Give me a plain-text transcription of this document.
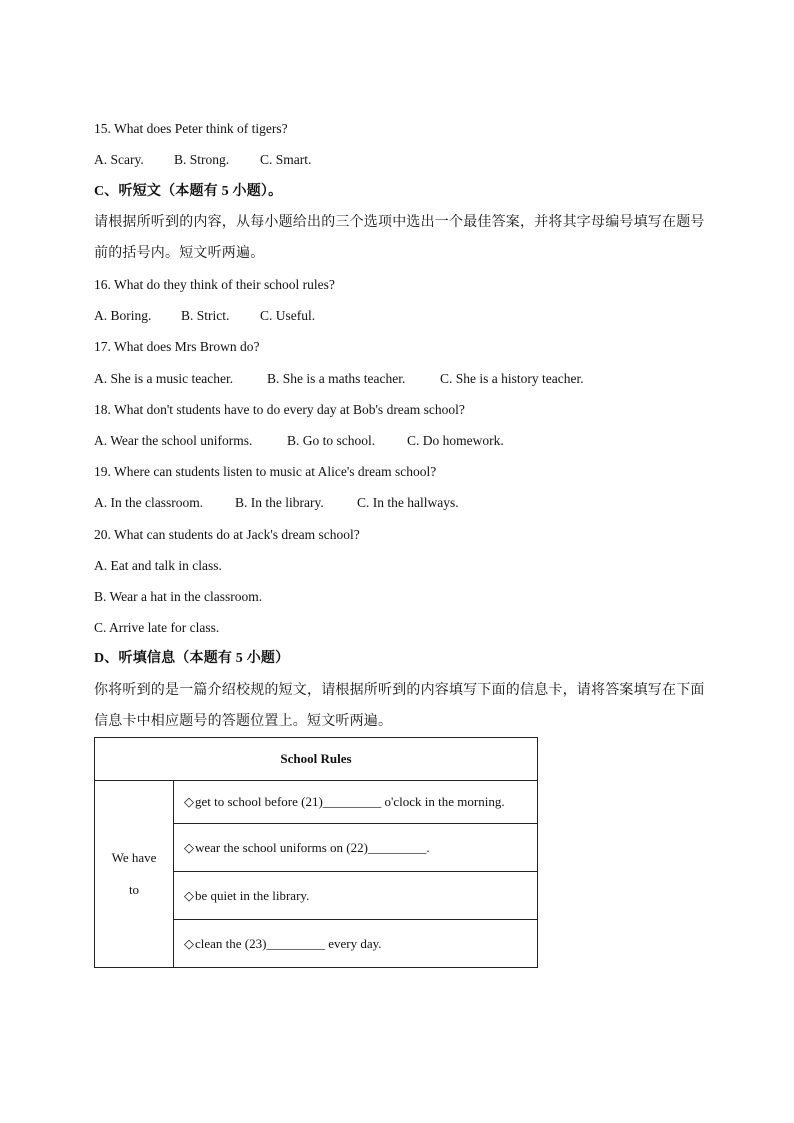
15. What does Peter think of tigers?
A. Scary. B. Strong. C. Smart.
C、听短文（本题有 5 小题）。
请根据所听到的内容，从每小题给出的三个选项中选出一个最佳答案，并将其字母编号填写在题号
前的括号内。短文听两遍。
16. What do they think of their school rules?
A. Boring. B. Strict. C. Useful.
17. What does Mrs Brown do?
A. She is a music teacher.	B. She is a maths teacher.	C. She is a history teacher.
18. What don't students have to do every day at Bob's dream school?
A. Wear the school uniforms.	B. Go to school. C. Do homework.
19. Where can students listen to music at Alice's dream school?
A. In the classroom. B. In the library. C. In the hallways.
20. What can students do at Jack's dream school?
A. Eat and talk in class.
B. Wear a hat in the classroom.
C. Arrive late for class.
D、听填信息（本题有 5 小题）
你将听到的是一篇介绍校规的短文，请根据所听到的内容填写下面的信息卡，请将答案填写在下面
信息卡中相应题号的答题位置上。短文听两遍。
School Rules
We have
to	◇get to school before (21)_________ o'clock in the morning.
◇wear the school uniforms on (22)_________.
◇be quiet in the library.
◇clean the (23)_________ every day.
